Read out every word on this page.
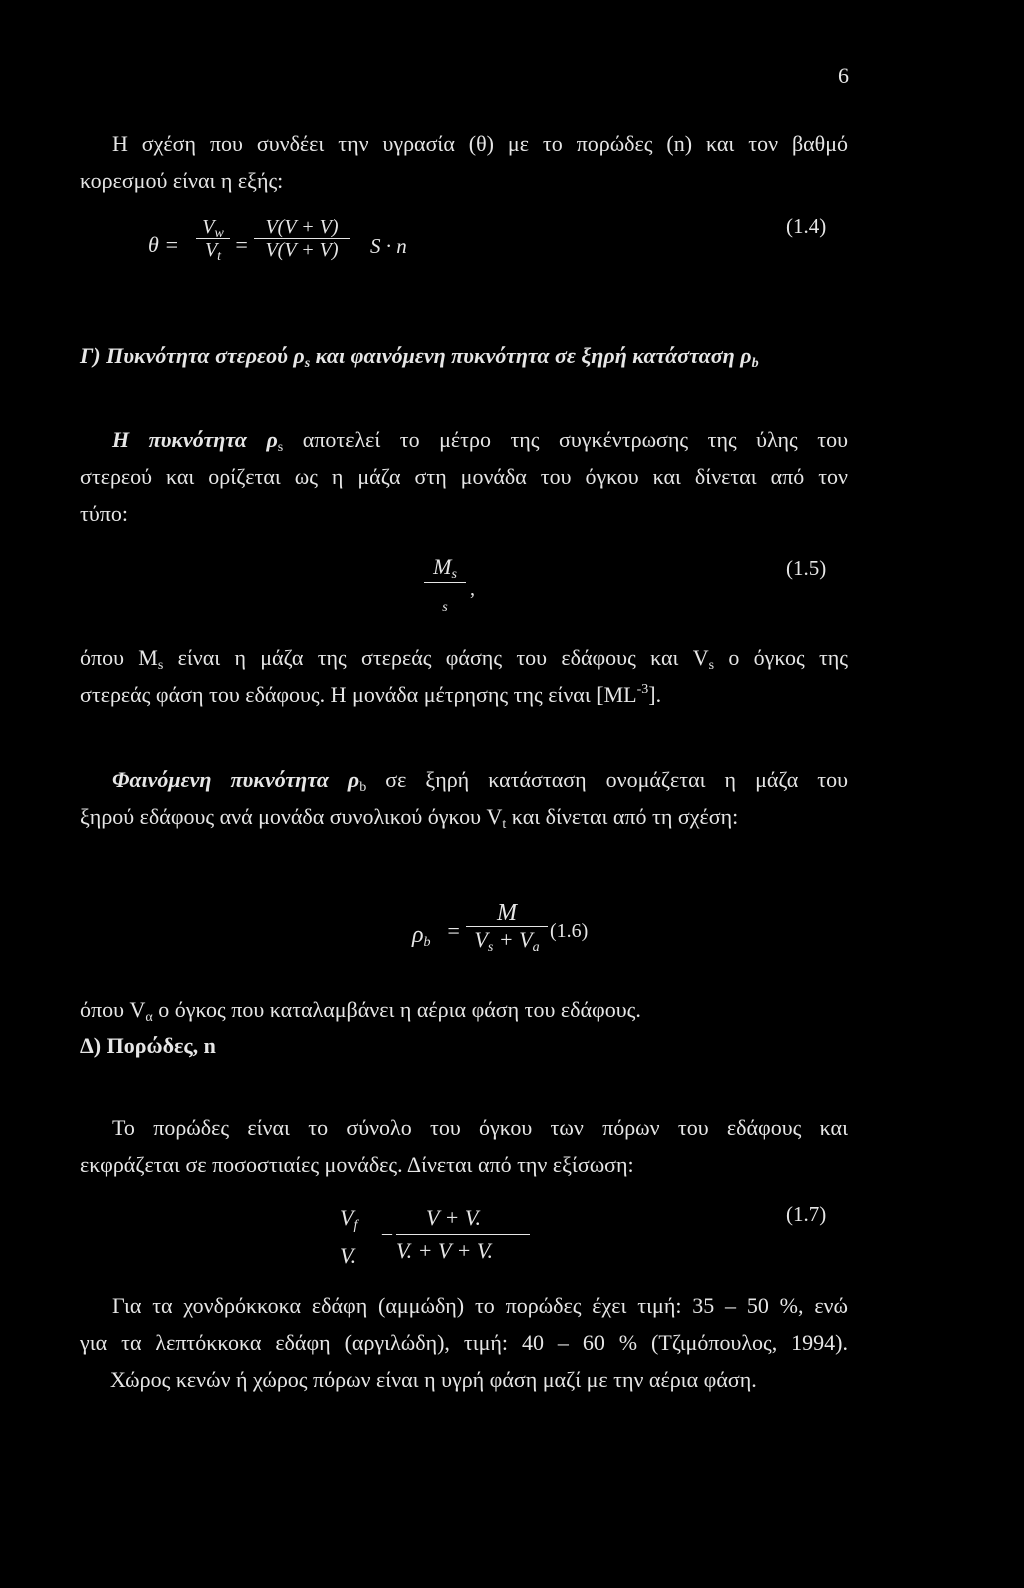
6
Η σχέση που συνδέει την υγρασία (θ) με το πορώδες (n) και τον βαθμό
κορεσμού είναι η εξής:
θ =
$V_w$
$V_t$ =
V(V + V)
V(V + V)	S · n
(1.4)
Γ) Πυκνότητα στερεού $\rho_s$ και φαινόμενη πυκνότητα σε ξηρή κατάσταση $\rho_b$
Η πυκνότητα $\rho_s$ αποτελεί το μέτρο της συγκέντρωσης της ύλης του
στερεού και ορίζεται ως η μάζα στη μονάδα του όγκου και δίνεται από τον
τύπο:
$M_s$
s
,
(1.5)
όπου $M_s$ είναι η μάζα της στερεάς φάσης του εδάφους και $V_s$ ο όγκος της
στερεάς φάση του εδάφους. Η μονάδα μέτρησης της είναι $[ML^{-3}]$.
Φαινόμενη πυκνότητα $\rho_b$ σε ξηρή κατάσταση ονομάζεται η μάζα του
ξηρού εδάφους ανά μονάδα συνολικού όγκου $V_t$ και δίνεται από τη σχέση:
$\rho_b$ =
M
$V_s + V_a$
(1.6)
όπου $V_\alpha$ ο όγκος που καταλαμβάνει η αέρια φάση του εδάφους.
Δ) Πορώδες, n
Το πορώδες είναι το σύνολο του όγκου των πόρων του εδάφους και
εκφράζεται σε ποσοστιαίες μονάδες. Δίνεται από την εξίσωση:
$V_f$
V.
–
V + V.
V. + V + V.
(1.7)
Για τα χονδρόκκοκα εδάφη (αμμώδη) το πορώδες έχει τιμή: 35 – 50 %, ενώ
για τα λεπτόκκοκα εδάφη (αργιλώδη), τιμή: 40 – 60 % (Τζιμόπουλος, 1994).
Χώρος κενών ή χώρος πόρων είναι η υγρή φάση μαζί με την αέρια φάση.
